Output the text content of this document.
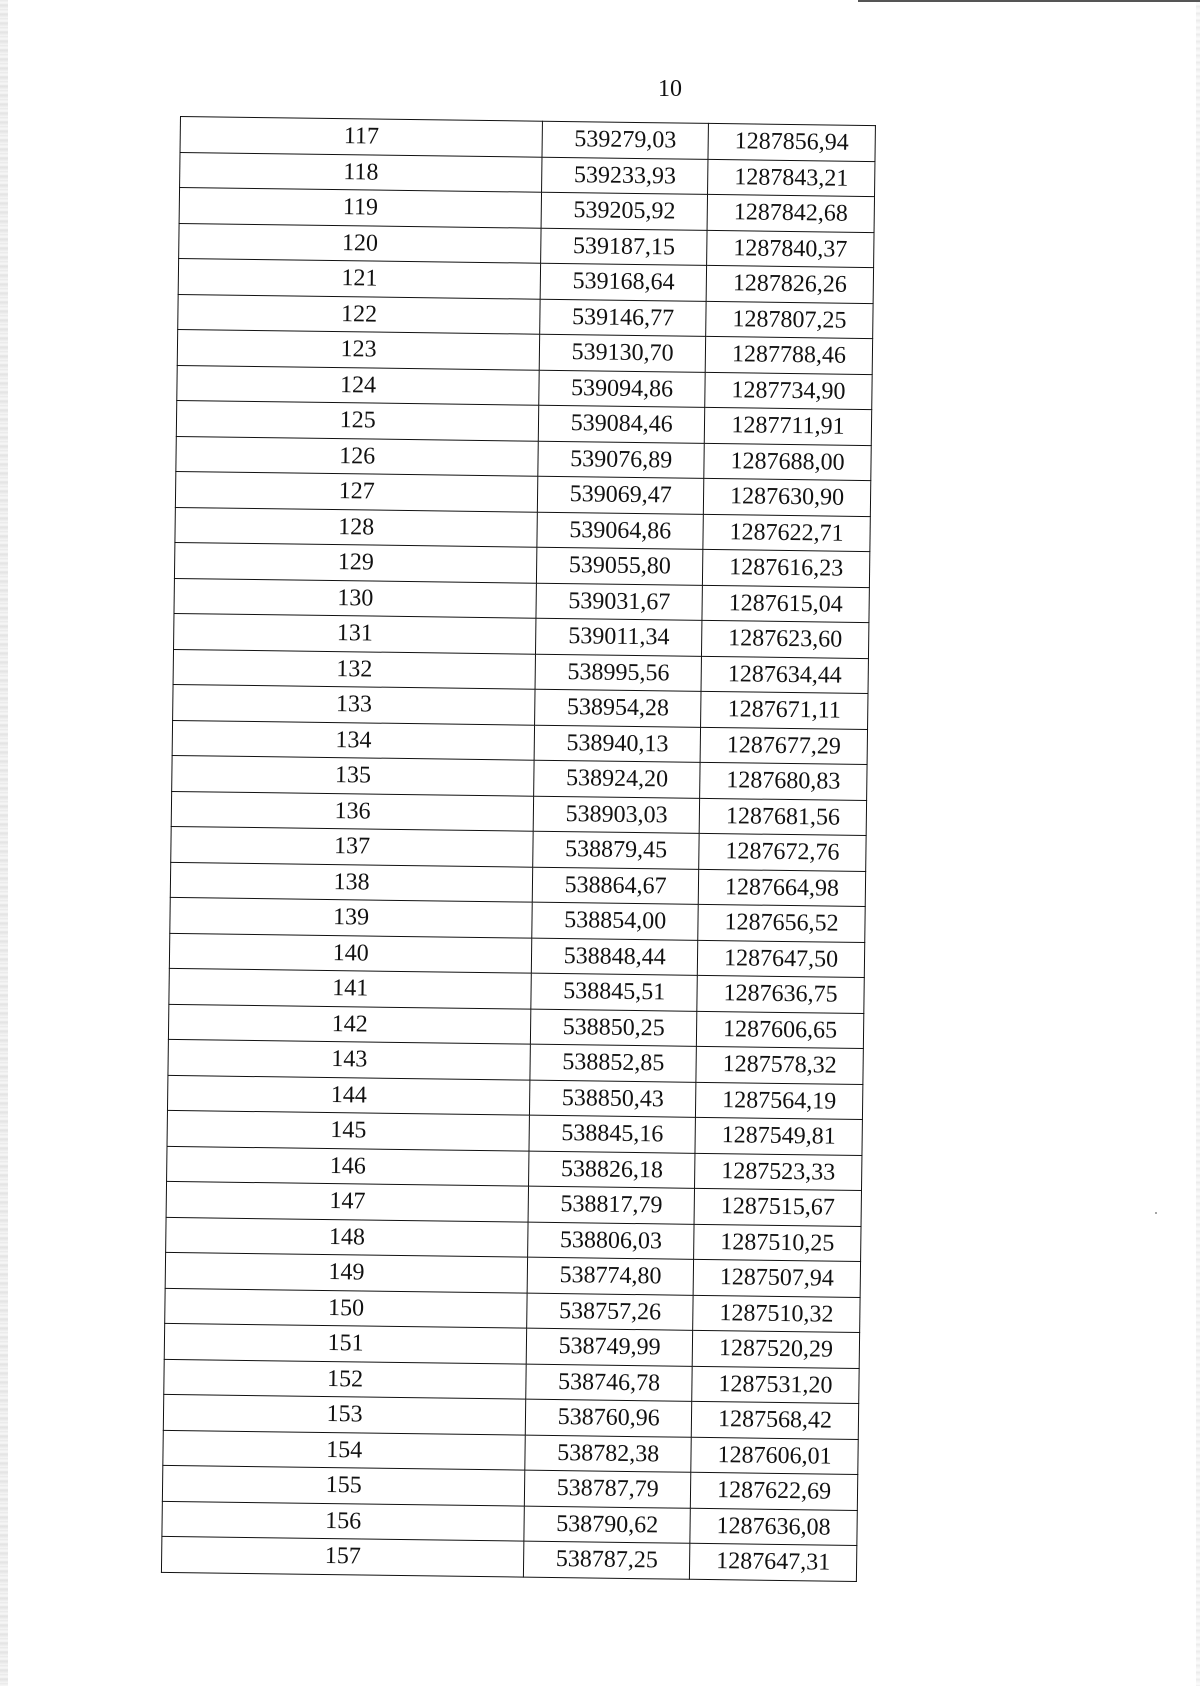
10
117	539279,03	1287856,94
118	539233,93	1287843,21
119	539205,92	1287842,68
120	539187,15	1287840,37
121	539168,64	1287826,26
122	539146,77	1287807,25
123	539130,70	1287788,46
124	539094,86	1287734,90
125	539084,46	1287711,91
126	539076,89	1287688,00
127	539069,47	1287630,90
128	539064,86	1287622,71
129	539055,80	1287616,23
130	539031,67	1287615,04
131	539011,34	1287623,60
132	538995,56	1287634,44
133	538954,28	1287671,11
134	538940,13	1287677,29
135	538924,20	1287680,83
136	538903,03	1287681,56
137	538879,45	1287672,76
138	538864,67	1287664,98
139	538854,00	1287656,52
140	538848,44	1287647,50
141	538845,51	1287636,75
142	538850,25	1287606,65
143	538852,85	1287578,32
144	538850,43	1287564,19
145	538845,16	1287549,81
146	538826,18	1287523,33
147	538817,79	1287515,67
148	538806,03	1287510,25
149	538774,80	1287507,94
150	538757,26	1287510,32
151	538749,99	1287520,29
152	538746,78	1287531,20
153	538760,96	1287568,42
154	538782,38	1287606,01
155	538787,79	1287622,69
156	538790,62	1287636,08
157	538787,25	1287647,31
